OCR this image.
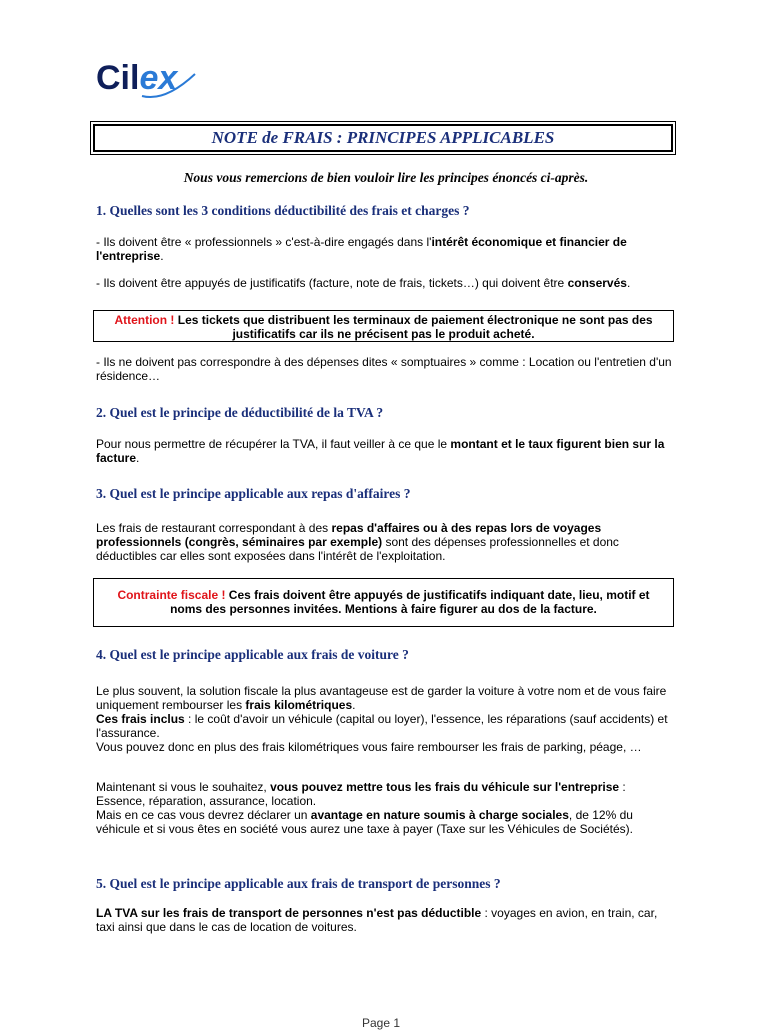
Cilex
NOTE de FRAIS : PRINCIPES APPLICABLES
Nous vous remercions de bien vouloir lire les principes énoncés ci-après.
1. Quelles sont les 3 conditions déductibilité des frais et charges ?
- Ils doivent être « professionnels » c'est-à-dire engagés dans l'intérêt économique et financier de l'entreprise.
- Ils doivent être appuyés de justificatifs (facture, note de frais, tickets…) qui doivent être conservés.
Attention ! Les tickets que distribuent les terminaux de paiement électronique ne sont pas des justificatifs car ils ne précisent pas le produit acheté.
- Ils ne doivent pas correspondre à des dépenses dites « somptuaires » comme : Location ou l'entretien d'un résidence…
2. Quel est le principe de déductibilité de la TVA ?
Pour nous permettre de récupérer la TVA, il faut veiller à ce que le montant et le taux figurent bien sur la facture.
3. Quel est le principe applicable aux repas d'affaires ?
Les frais de restaurant correspondant à des repas d'affaires ou à des repas lors de voyages professionnels (congrès, séminaires par exemple) sont des dépenses professionnelles et donc déductibles car elles sont exposées dans l'intérêt de l'exploitation.
Contrainte fiscale ! Ces frais doivent être appuyés de justificatifs indiquant date, lieu, motif et noms des personnes invitées. Mentions à faire figurer au dos de la facture.
4. Quel est le principe applicable aux frais de voiture ?
Le plus souvent, la solution fiscale la plus avantageuse est de garder la voiture à votre nom et de vous faire uniquement rembourser les frais kilométriques.
Ces frais inclus : le coût d'avoir un véhicule (capital ou loyer), l'essence, les réparations (sauf accidents) et l'assurance.
Vous pouvez donc en plus des frais kilométriques vous faire rembourser les frais de parking, péage, …
Maintenant si vous le souhaitez, vous pouvez mettre tous les frais du véhicule sur l'entreprise : Essence, réparation, assurance, location.
Mais en ce cas vous devrez déclarer un avantage en nature soumis à charge sociales, de 12% du véhicule et si vous êtes en société vous aurez une taxe à payer (Taxe sur les Véhicules de Sociétés).
5. Quel est le principe applicable aux frais de transport de personnes ?
LA TVA sur les frais de transport de personnes n'est pas déductible : voyages en avion, en train, car, taxi ainsi que dans le cas de location de voitures.
Page 1
